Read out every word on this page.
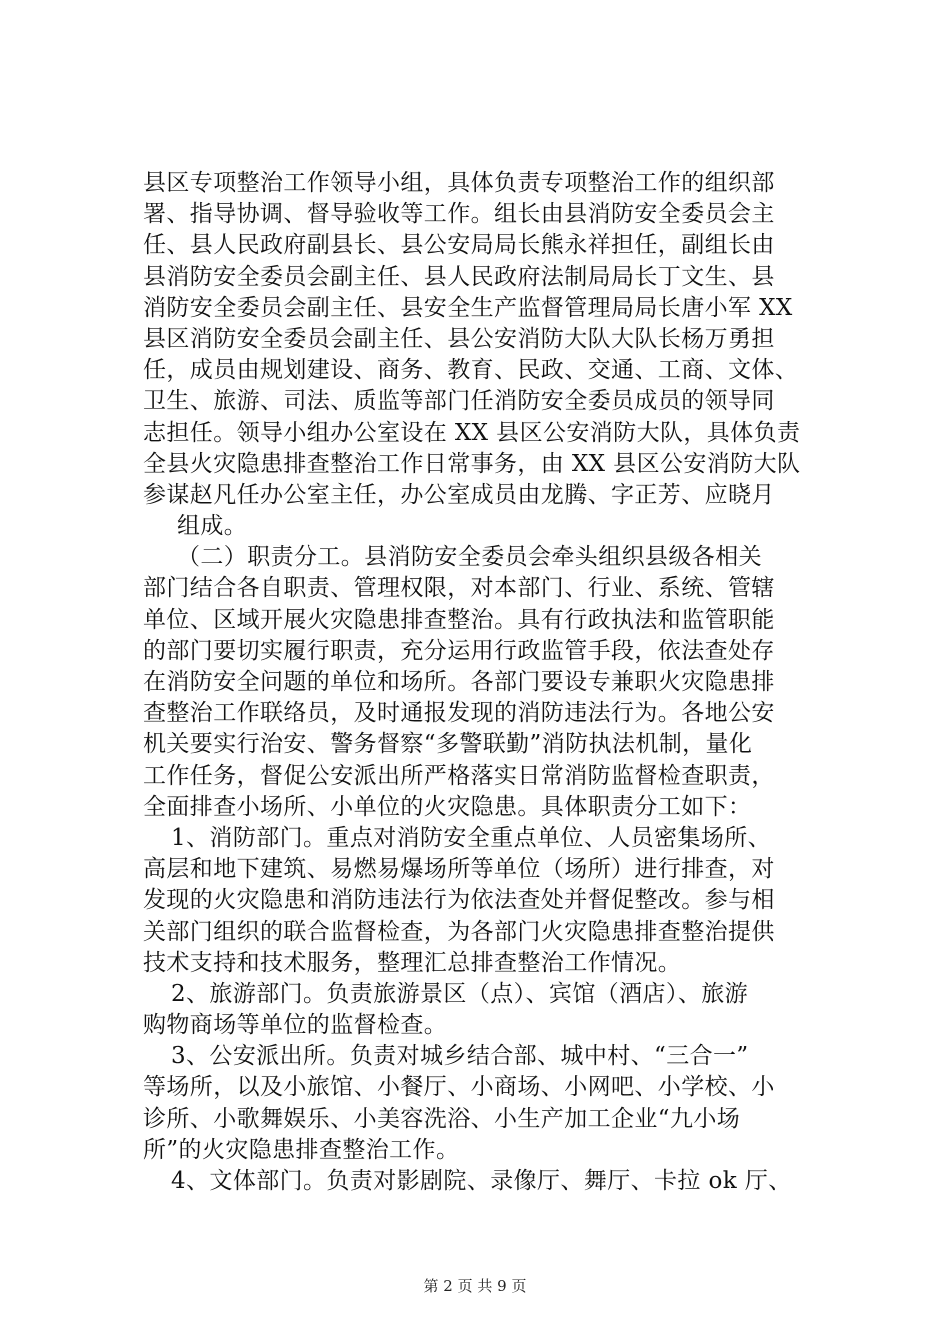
县区专项整治工作领导小组，具体负责专项整治工作的组织部
署、指导协调、督导验收等工作。组长由县消防安全委员会主
任、县人民政府副县长、县公安局局长熊永祥担任，副组长由
县消防安全委员会副主任、县人民政府法制局局长丁文生、县
消防安全委员会副主任、县安全生产监督管理局局长唐小军 XX
县区消防安全委员会副主任、县公安消防大队大队长杨万勇担
任，成员由规划建设、商务、教育、民政、交通、工商、文体、
卫生、旅游、司法、质监等部门任消防安全委员成员的领导同
志担任。领导小组办公室设在 XX 县区公安消防大队，具体负责
全县火灾隐患排查整治工作日常事务，由 XX 县区公安消防大队
参谋赵凡任办公室主任，办公室成员由龙腾、字正芳、应晓月
组成。
（二）职责分工。县消防安全委员会牵头组织县级各相关
部门结合各自职责、管理权限，对本部门、行业、系统、管辖
单位、区域开展火灾隐患排查整治。具有行政执法和监管职能
的部门要切实履行职责，充分运用行政监管手段，依法查处存
在消防安全问题的单位和场所。各部门要设专兼职火灾隐患排
查整治工作联络员，及时通报发现的消防违法行为。各地公安
机关要实行治安、警务督察“多警联勤”消防执法机制，量化
工作任务，督促公安派出所严格落实日常消防监督检查职责，
全面排查小场所、小单位的火灾隐患。具体职责分工如下：
1、消防部门。重点对消防安全重点单位、人员密集场所、
高层和地下建筑、易燃易爆场所等单位（场所）进行排查，对
发现的火灾隐患和消防违法行为依法查处并督促整改。参与相
关部门组织的联合监督检查，为各部门火灾隐患排查整治提供
技术支持和技术服务，整理汇总排查整治工作情况。
2、旅游部门。负责旅游景区（点）、宾馆（酒店）、旅游
购物商场等单位的监督检查。
3、公安派出所。负责对城乡结合部、城中村、“三合一”
等场所，以及小旅馆、小餐厅、小商场、小网吧、小学校、小
诊所、小歌舞娱乐、小美容洗浴、小生产加工企业“九小场
所”的火灾隐患排查整治工作。
4、文体部门。负责对影剧院、录像厅、舞厅、卡拉 ok 厅、
第 2 页 共 9 页
